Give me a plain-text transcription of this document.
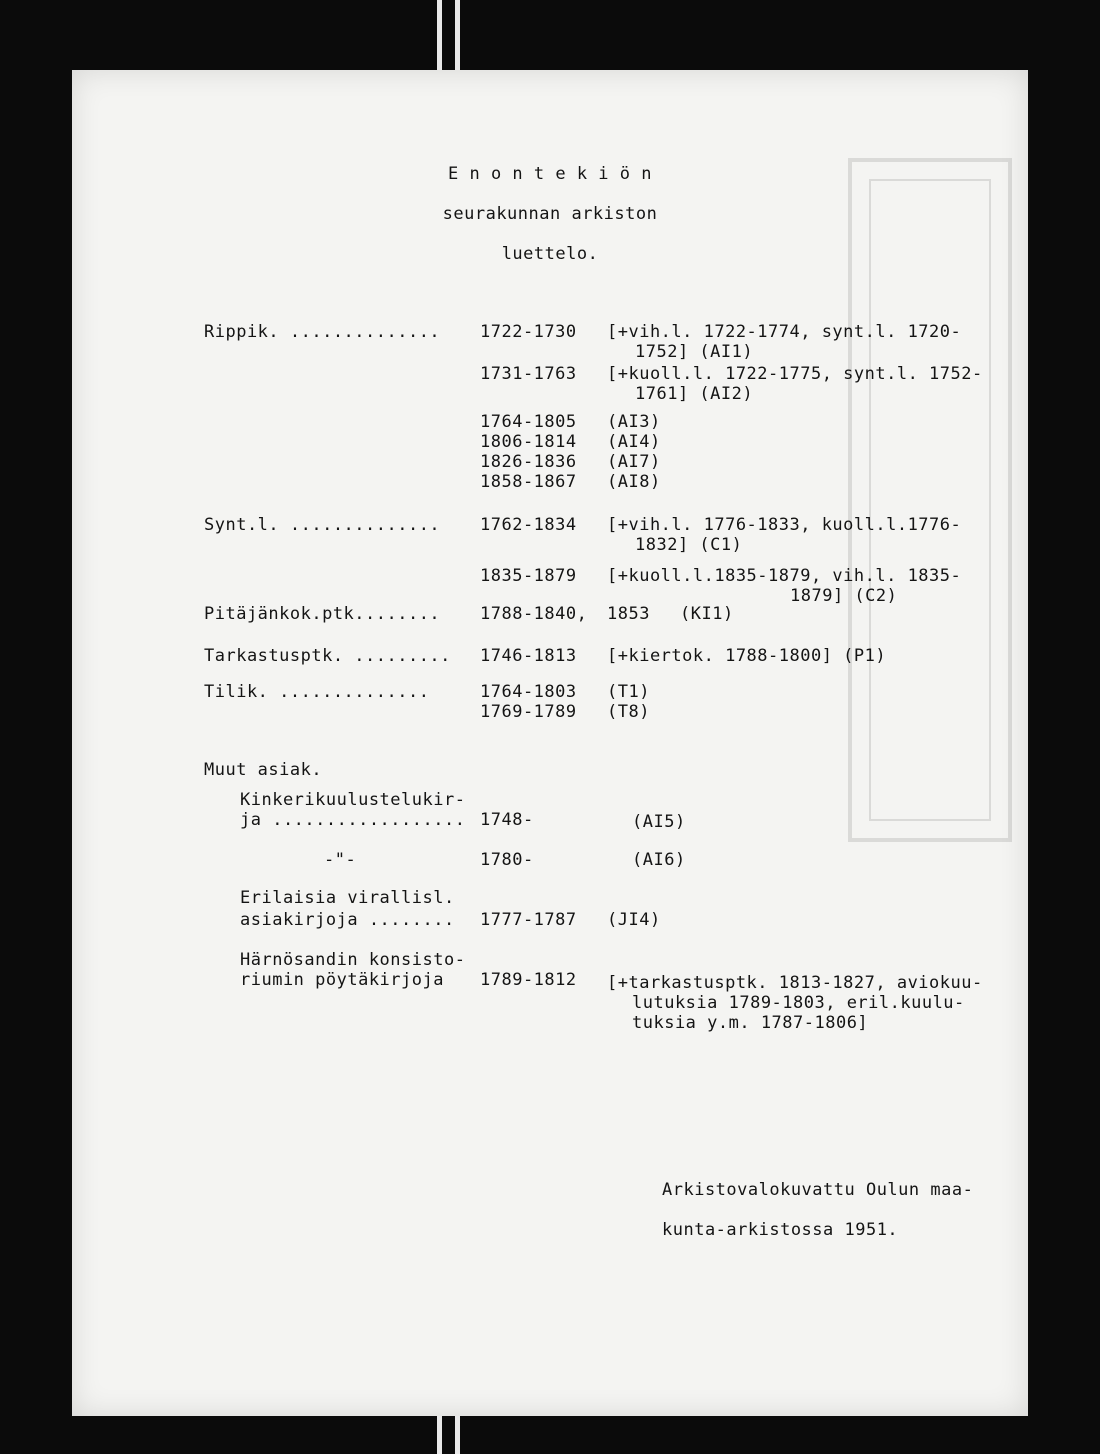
E n o n t e k i ö n
seurakunnan arkiston
luettelo.
Rippik. .............. 1722-1730 [+vih.l. 1722-1774, synt.l. 1720-
1752] (AI1)
1731-1763 [+kuoll.l. 1722-1775, synt.l. 1752-
1761] (AI2)
1764-1805 (AI3)
1806-1814 (AI4)
1826-1836 (AI7)
1858-1867 (AI8)
Synt.l. .............. 1762-1834 [+vih.l. 1776-1833, kuoll.l.1776-
1832] (C1)
1835-1879 [+kuoll.l.1835-1879, vih.l. 1835-
1879] (C2)
Pitäjänkok.ptk........ 1788-1840, 1853 (KI1)
Tarkastusptk. ......... 1746-1813 [+kiertok. 1788-1800] (P1)
Tilik. ..............	1764-1803 (T1)
1769-1789 (T8)
Muut asiak.
Kinkerikuulustelukir-
ja .................. 1748-	(AI5)
-"-	1780-	(AI6)
Erilaisia virallisl.
asiakirjoja ........ 1777-1787 (JI4)
Härnösandin konsisto-
riumin pöytäkirjoja 1789-1812 [+tarkastusptk. 1813-1827, aviokuu-
lutuksia 1789-1803, eril.kuulu-
tuksia y.m. 1787-1806]
Arkistovalokuvattu Oulun maa-
kunta-arkistossa 1951.
